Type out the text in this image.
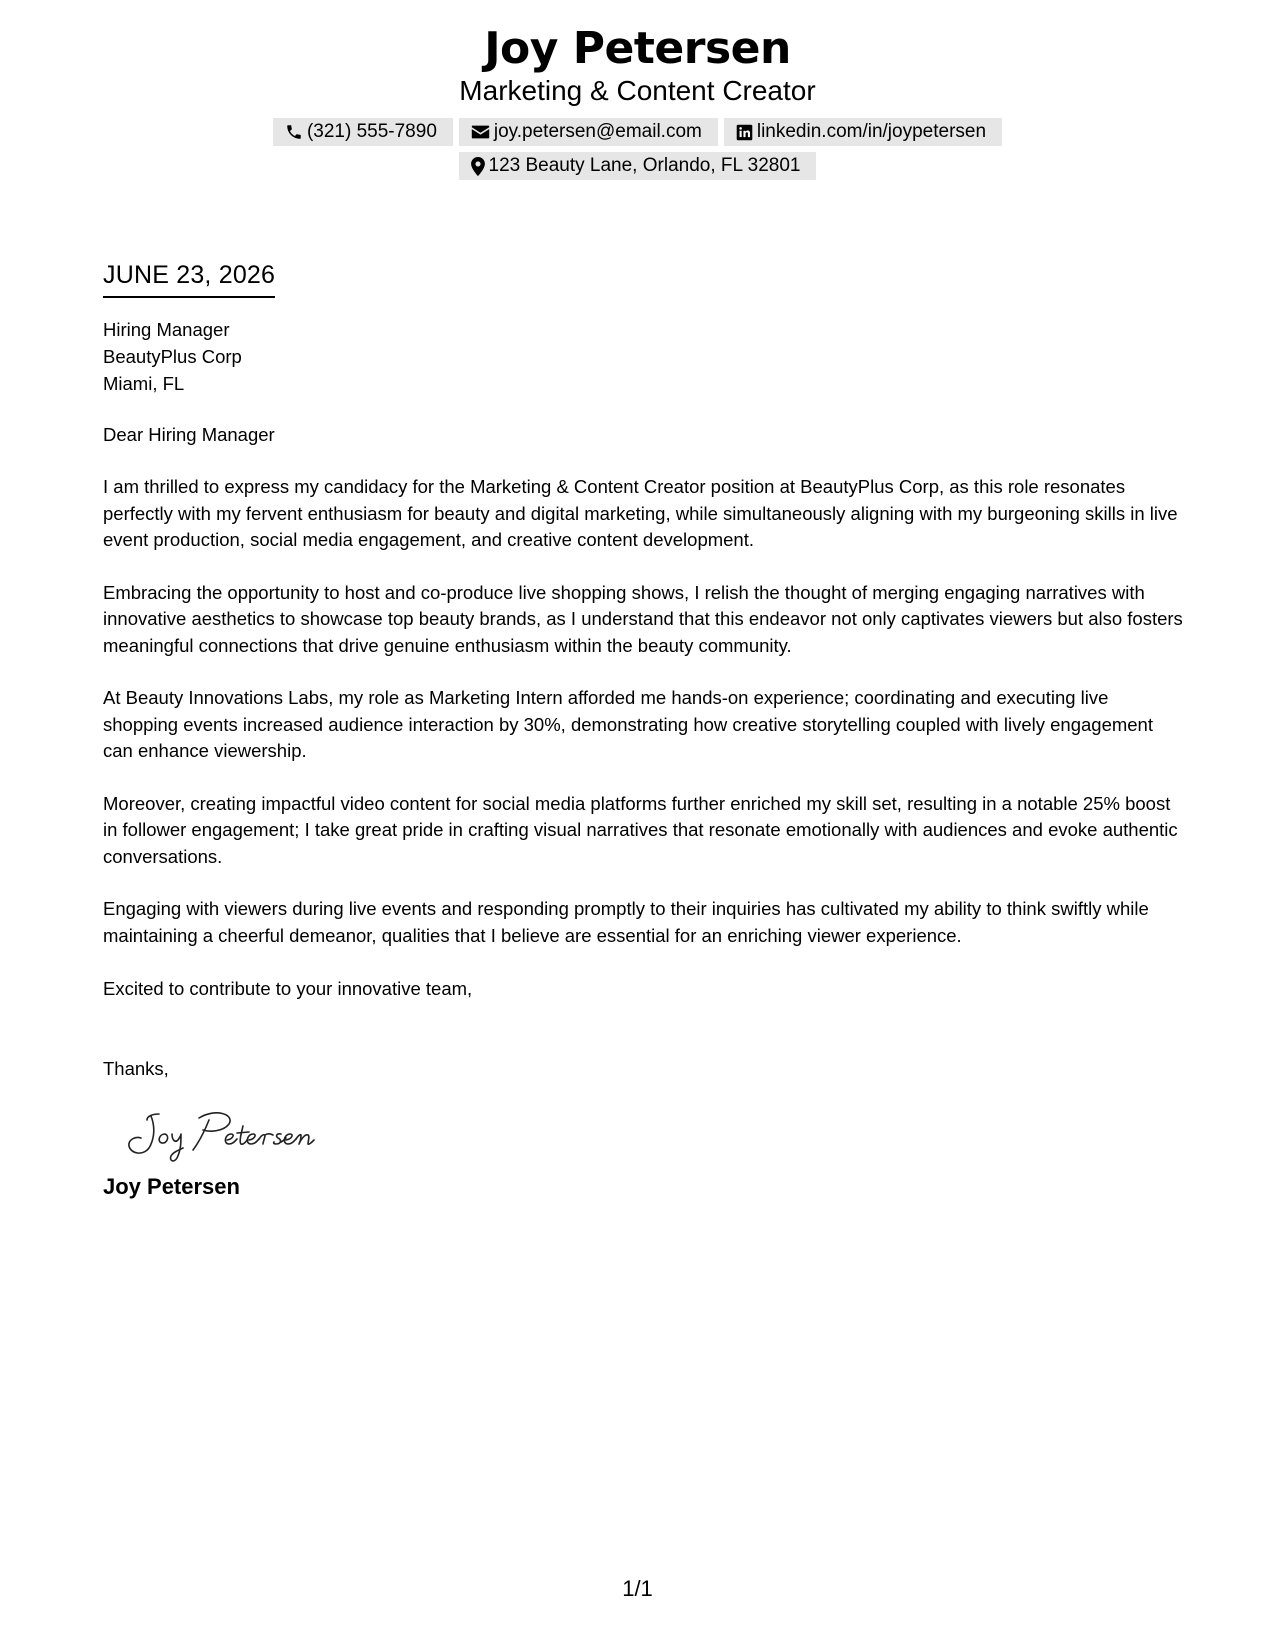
Joy Petersen
Marketing & Content Creator
(321) 555-7890	joy.petersen@email.com	linkedin.com/in/joypetersen
123 Beauty Lane, Orlando, FL 32801
JUNE 23, 2026
Hiring Manager
BeautyPlus Corp
Miami, FL
Dear Hiring Manager
I am thrilled to express my candidacy for the Marketing & Content Creator position at BeautyPlus Corp, as this role resonates perfectly with my fervent enthusiasm for beauty and digital marketing, while simultaneously aligning with my burgeoning skills in live event production, social media engagement, and creative content development.
Embracing the opportunity to host and co-produce live shopping shows, I relish the thought of merging engaging narratives with innovative aesthetics to showcase top beauty brands, as I understand that this endeavor not only captivates viewers but also fosters meaningful connections that drive genuine enthusiasm within the beauty community.
At Beauty Innovations Labs, my role as Marketing Intern afforded me hands-on experience; coordinating and executing live shopping events increased audience interaction by 30%, demonstrating how creative storytelling coupled with lively engagement can enhance viewership.
Moreover, creating impactful video content for social media platforms further enriched my skill set, resulting in a notable 25% boost in follower engagement; I take great pride in crafting visual narratives that resonate emotionally with audiences and evoke authentic conversations.
Engaging with viewers during live events and responding promptly to their inquiries has cultivated my ability to think swiftly while maintaining a cheerful demeanor, qualities that I believe are essential for an enriching viewer experience.
Excited to contribute to your innovative team,
Thanks,
Joy Petersen
1/1
